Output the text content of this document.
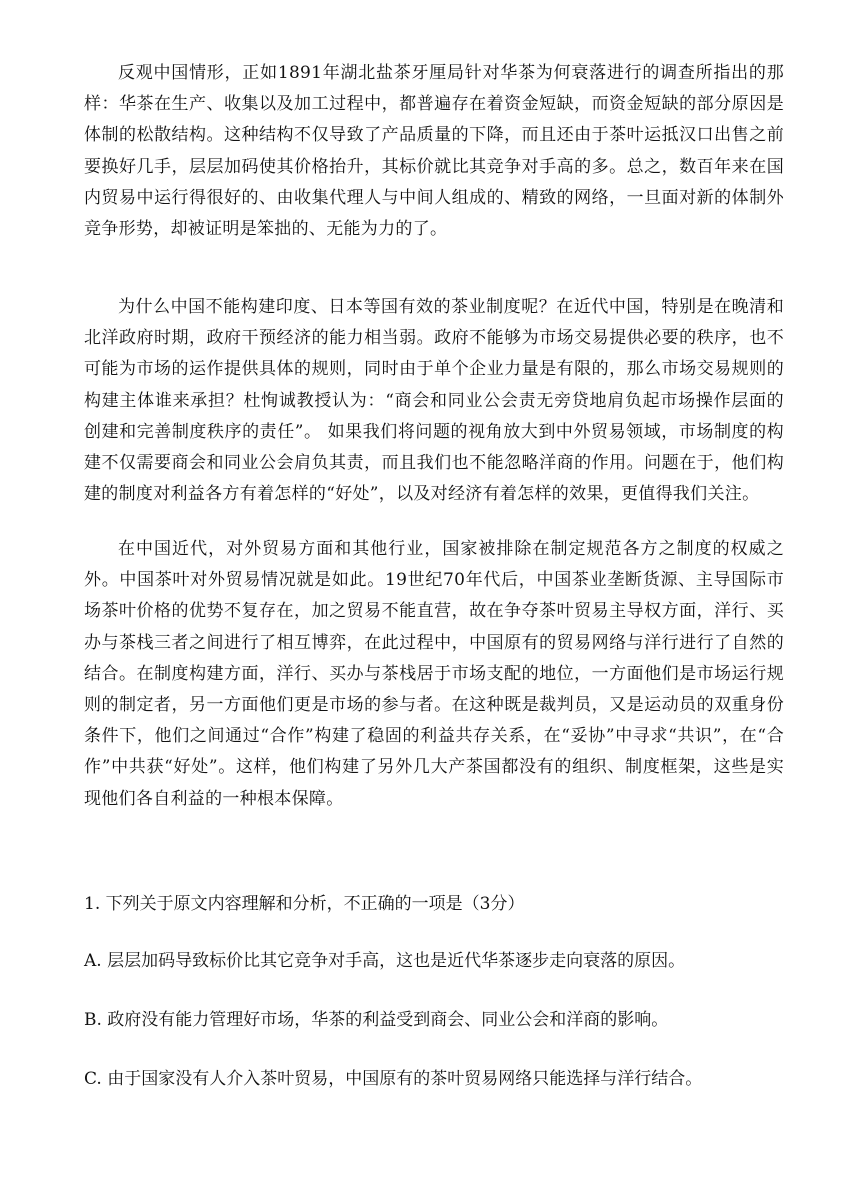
反观中国情形，正如1891年湖北盐茶牙厘局针对华茶为何衰落进行的调查所指出的那样：华茶在生产、收集以及加工过程中，都普遍存在着资金短缺，而资金短缺的部分原因是体制的松散结构。这种结构不仅导致了产品质量的下降，而且还由于茶叶运抵汉口出售之前要换好几手，层层加码使其价格抬升，其标价就比其竞争对手高的多。总之，数百年来在国内贸易中运行得很好的、由收集代理人与中间人组成的、精致的网络，一旦面对新的体制外竞争形势，却被证明是笨拙的、无能为力的了。

为什么中国不能构建印度、日本等国有效的茶业制度呢？在近代中国，特别是在晚清和北洋政府时期，政府干预经济的能力相当弱。政府不能够为市场交易提供必要的秩序，也不可能为市场的运作提供具体的规则，同时由于单个企业力量是有限的，那么市场交易规则的构建主体谁来承担？杜恂诚教授认为：“商会和同业公会责无旁贷地肩负起市场操作层面的创建和完善制度秩序的责任”。 如果我们将问题的视角放大到中外贸易领域，市场制度的构建不仅需要商会和同业公会肩负其责，而且我们也不能忽略洋商的作用。问题在于，他们构建的制度对利益各方有着怎样的“好处”，以及对经济有着怎样的效果，更值得我们关注。

在中国近代，对外贸易方面和其他行业，国家被排除在制定规范各方之制度的权威之外。中国茶叶对外贸易情况就是如此。19世纪70年代后，中国茶业垄断货源、主导国际市场茶叶价格的优势不复存在，加之贸易不能直营，故在争夺茶叶贸易主导权方面，洋行、买办与茶栈三者之间进行了相互博弈，在此过程中，中国原有的贸易网络与洋行进行了自然的结合。在制度构建方面，洋行、买办与茶栈居于市场支配的地位，一方面他们是市场运行规则的制定者，另一方面他们更是市场的参与者。在这种既是裁判员，又是运动员的双重身份条件下，他们之间通过“合作”构建了稳固的利益共存关系，在“妥协”中寻求“共识”，在“合作”中共获“好处”。这样，他们构建了另外几大产茶国都没有的组织、制度框架，这些是实现他们各自利益的一种根本保障。

1. 下列关于原文内容理解和分析，不正确的一项是（3分）

A. 层层加码导致标价比其它竞争对手高，这也是近代华茶逐步走向衰落的原因。

B. 政府没有能力管理好市场，华茶的利益受到商会、同业公会和洋商的影响。

C. 由于国家没有人介入茶叶贸易，中国原有的茶叶贸易网络只能选择与洋行结合。
